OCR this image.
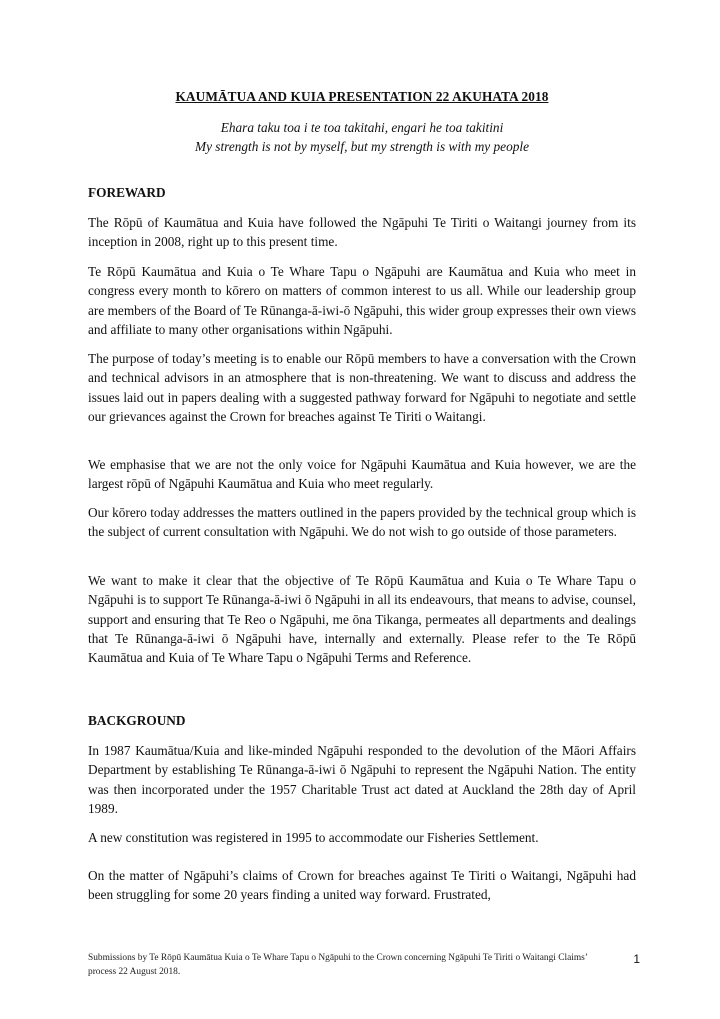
KAUMĀTUA AND KUIA PRESENTATION 22 AKUHATA 2018
Ehara taku toa i te toa takitahi, engari he toa takitini
My strength is not by myself, but my strength is with my people
FOREWARD
The Rōpū of Kaumātua and Kuia have followed the Ngāpuhi Te Tiriti o Waitangi journey from its inception in 2008, right up to this present time.
Te Rōpū Kaumātua and Kuia o Te Whare Tapu o Ngāpuhi are Kaumātua and Kuia who meet in congress every month to kōrero on matters of common interest to us all. While our leadership group are members of the Board of Te Rūnanga-ā-iwi-ō Ngāpuhi, this wider group expresses their own views and affiliate to many other organisations within Ngāpuhi.
The purpose of today’s meeting is to enable our Rōpū members to have a conversation with the Crown and technical advisors in an atmosphere that is non-threatening. We want to discuss and address the issues laid out in papers dealing with a suggested pathway forward for Ngāpuhi to negotiate and settle our grievances against the Crown for breaches against Te Tiriti o Waitangi.
We emphasise that we are not the only voice for Ngāpuhi Kaumātua and Kuia however, we are the largest rōpū of Ngāpuhi Kaumātua and Kuia who meet regularly.
Our kōrero today addresses the matters outlined in the papers provided by the technical group which is the subject of current consultation with Ngāpuhi. We do not wish to go outside of those parameters.
We want to make it clear that the objective of Te Rōpū Kaumātua and Kuia o Te Whare Tapu o Ngāpuhi is to support Te Rūnanga-ā-iwi ō Ngāpuhi in all its endeavours, that means to advise, counsel, support and ensuring that Te Reo o Ngāpuhi, me ōna Tikanga, permeates all departments and dealings that Te Rūnanga-ā-iwi ō Ngāpuhi have, internally and externally. Please refer to the Te Rōpū Kaumātua and Kuia of Te Whare Tapu o Ngāpuhi Terms and Reference.
BACKGROUND
In 1987 Kaumātua/Kuia and like-minded Ngāpuhi responded to the devolution of the Māori Affairs Department by establishing Te Rūnanga-ā-iwi ō Ngāpuhi to represent the Ngāpuhi Nation. The entity was then incorporated under the 1957 Charitable Trust act dated at Auckland the 28th day of April 1989.
A new constitution was registered in 1995 to accommodate our Fisheries Settlement.
On the matter of Ngāpuhi’s claims of Crown for breaches against Te Tiriti o Waitangi, Ngāpuhi had been struggling for some 20 years finding a united way forward. Frustrated,
Submissions by Te Rōpū Kaumātua Kuia o Te Whare Tapu o Ngāpuhi to the Crown concerning Ngāpuhi Te Tiriti o Waitangi Claims’ process 22 August 2018.
1
